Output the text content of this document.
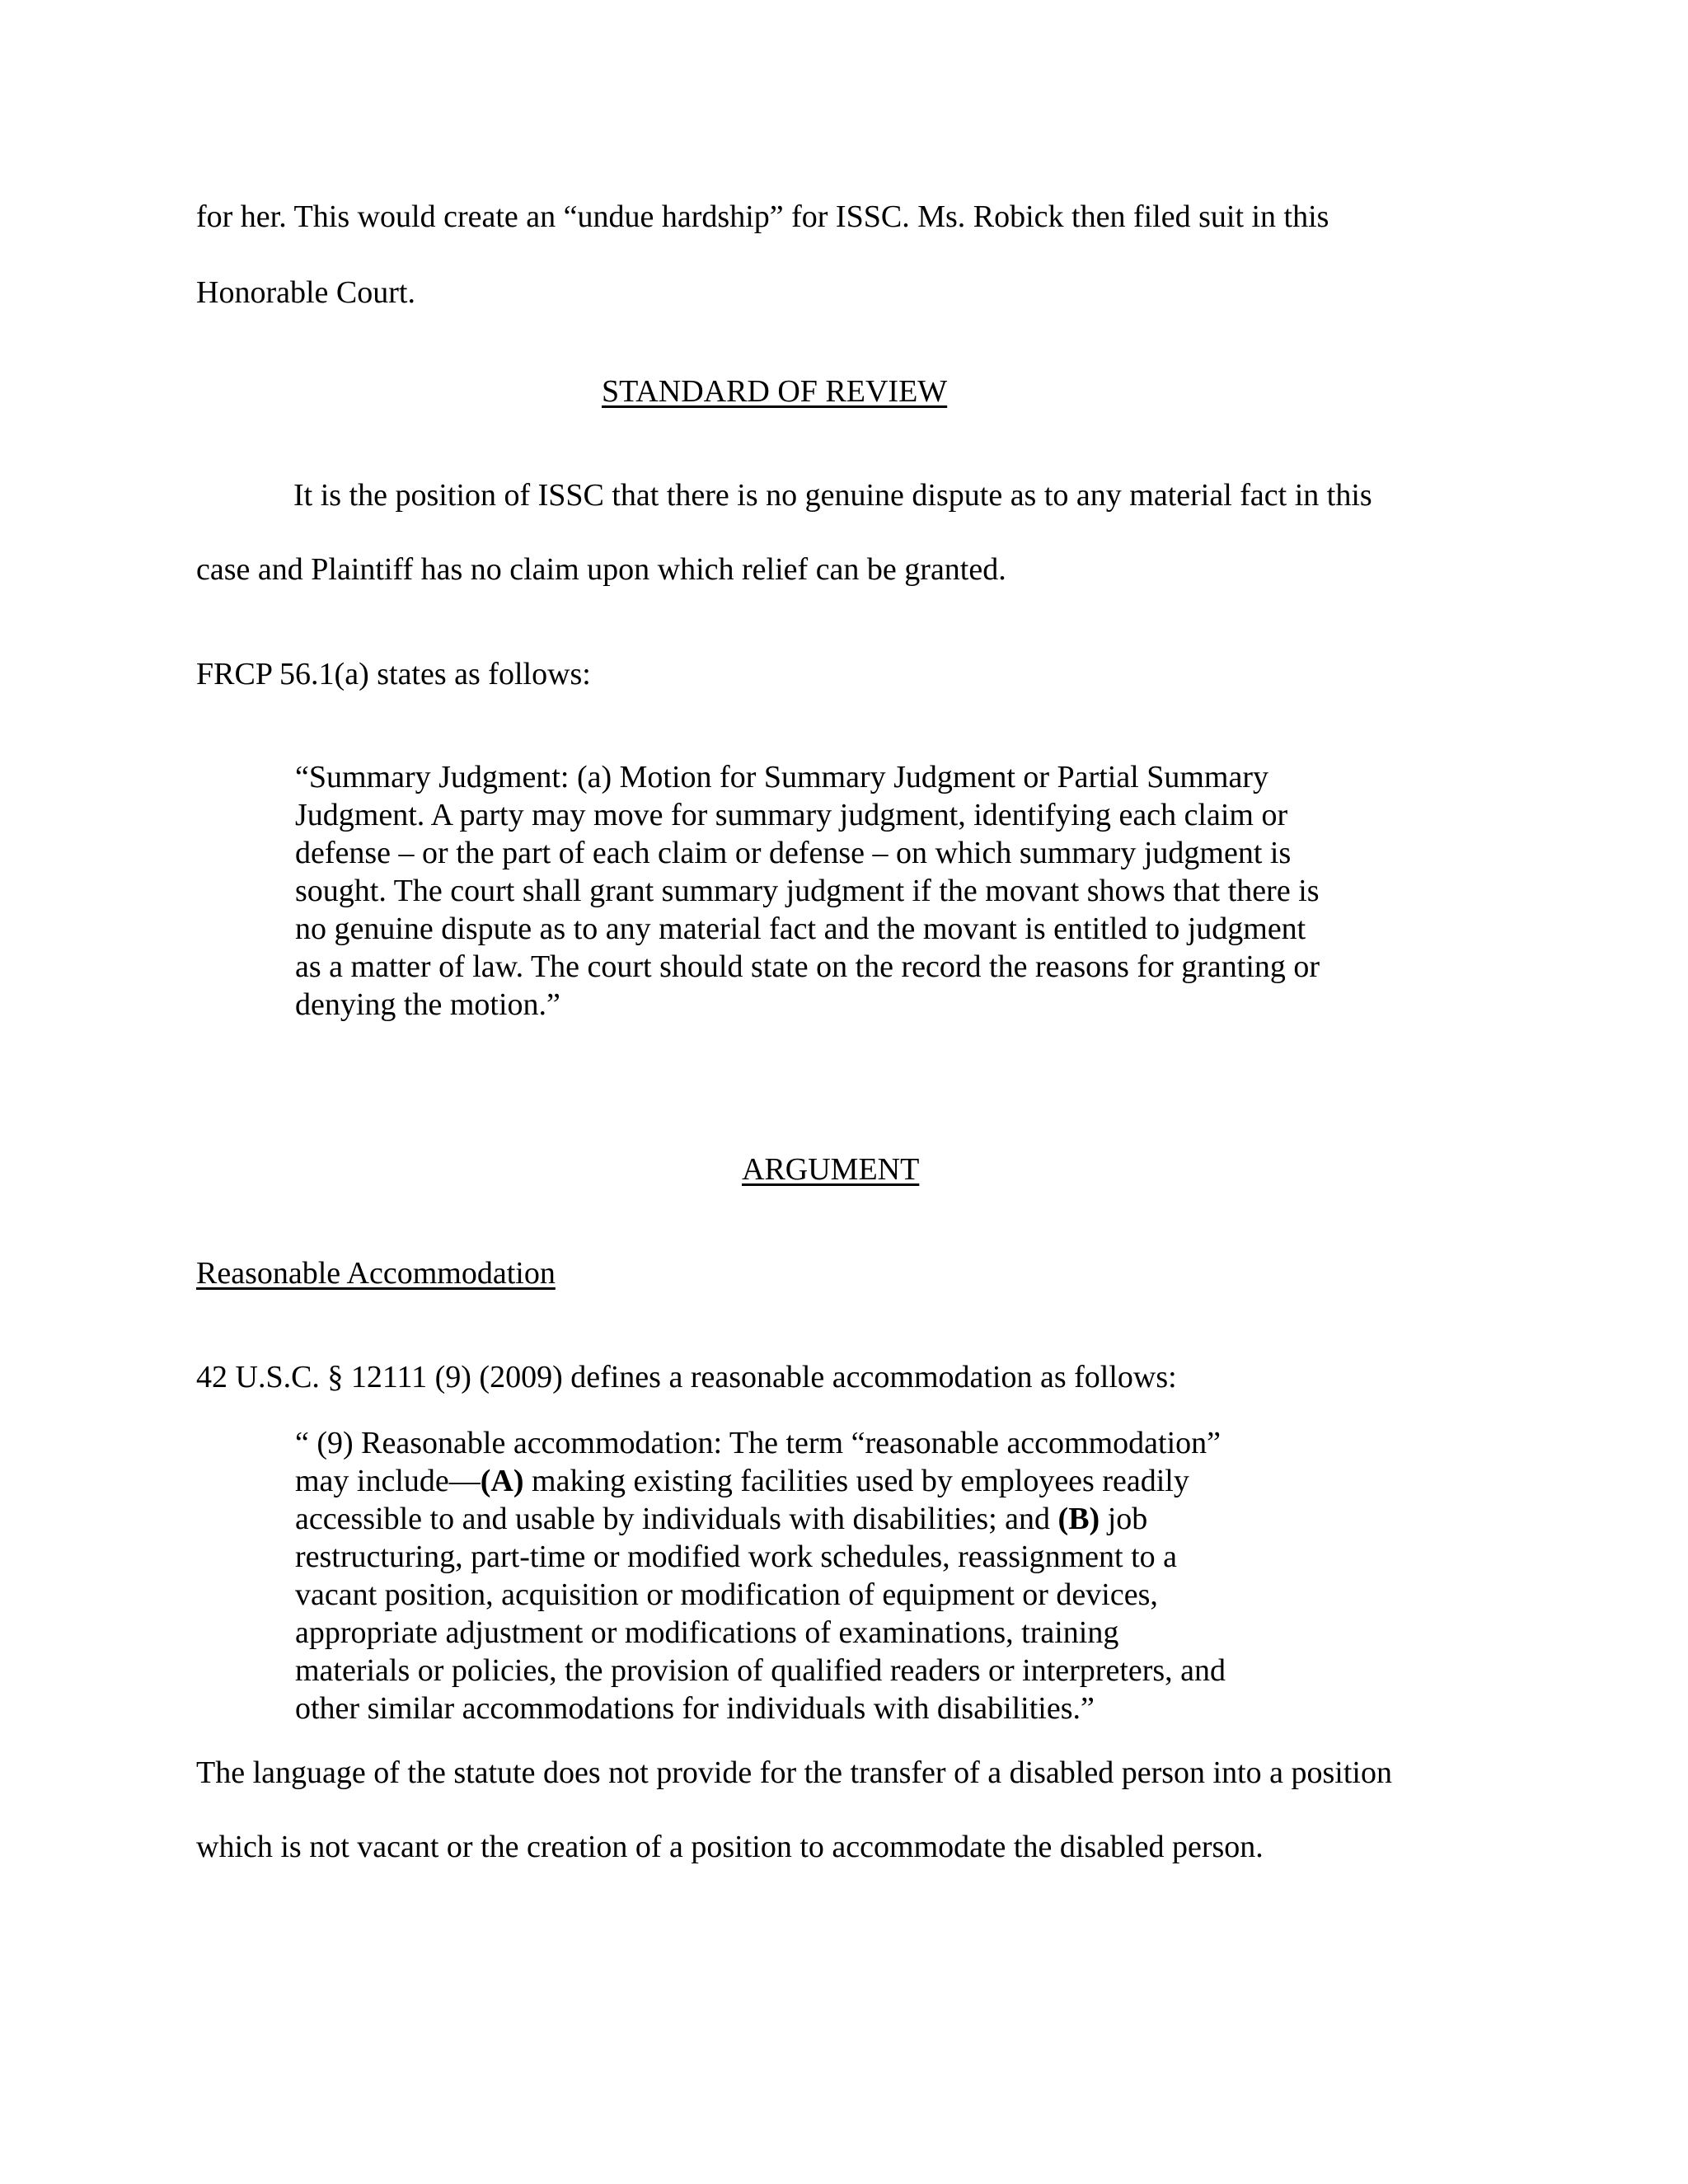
for her. This would create an “undue hardship” for ISSC. Ms. Robick then filed suit in this
Honorable Court.
STANDARD OF REVIEW
It is the position of ISSC that there is no genuine dispute as to any material fact in this
case and Plaintiff has no claim upon which relief can be granted.
FRCP 56.1(a) states as follows:
“Summary Judgment: (a) Motion for Summary Judgment or Partial Summary
Judgment. A party may move for summary judgment, identifying each claim or
defense – or the part of each claim or defense – on which summary judgment is
sought. The court shall grant summary judgment if the movant shows that there is
no genuine dispute as to any material fact and the movant is entitled to judgment
as a matter of law. The court should state on the record the reasons for granting or
denying the motion.”
ARGUMENT
Reasonable Accommodation
42 U.S.C. § 12111 (9) (2009) defines a reasonable accommodation as follows:
“ (9) Reasonable accommodation: The term “reasonable accommodation”
may include—(A) making existing facilities used by employees readily
accessible to and usable by individuals with disabilities; and (B) job
restructuring, part-time or modified work schedules, reassignment to a
vacant position, acquisition or modification of equipment or devices,
appropriate adjustment or modifications of examinations, training
materials or policies, the provision of qualified readers or interpreters, and
other similar accommodations for individuals with disabilities.”
The language of the statute does not provide for the transfer of a disabled person into a position
which is not vacant or the creation of a position to accommodate the disabled person.
